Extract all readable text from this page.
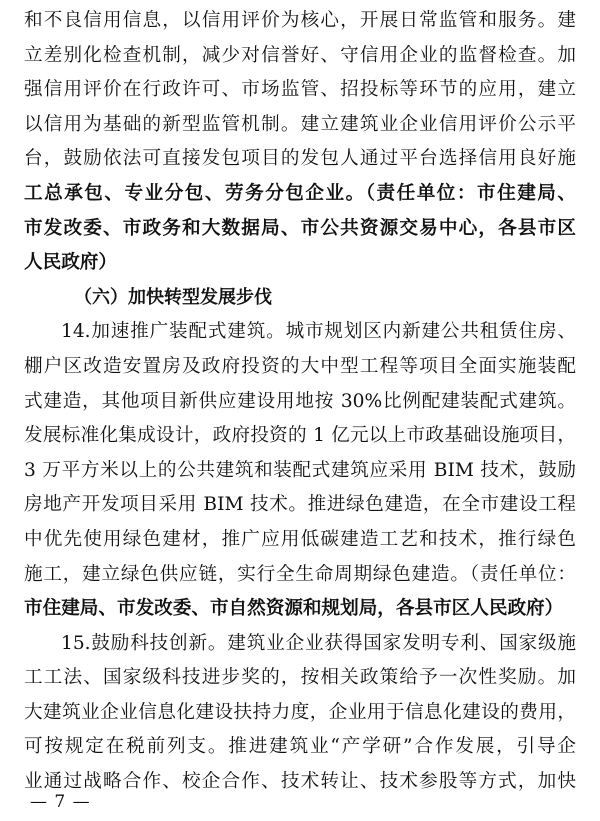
和不良信用信息，以信用评价为核心，开展日常监管和服务。建
立差别化检查机制，减少对信誉好、守信用企业的监督检查。加
强信用评价在行政许可、市场监管、招投标等环节的应用，建立
以信用为基础的新型监管机制。建立建筑业企业信用评价公示平
台，鼓励依法可直接发包项目的发包人通过平台选择信用良好施
工总承包、专业分包、劳务分包企业。（责任单位：市住建局、
市发改委、市政务和大数据局、市公共资源交易中心，各县市区
人民政府）
（六）加快转型发展步伐
14.加速推广装配式建筑。城市规划区内新建公共租赁住房、
棚户区改造安置房及政府投资的大中型工程等项目全面实施装配
式建造，其他项目新供应建设用地按 30%比例配建装配式建筑。
发展标准化集成设计，政府投资的 1 亿元以上市政基础设施项目，
3 万平方米以上的公共建筑和装配式建筑应采用 BIM 技术，鼓励
房地产开发项目采用 BIM 技术。推进绿色建造，在全市建设工程
中优先使用绿色建材，推广应用低碳建造工艺和技术，推行绿色
施工，建立绿色供应链，实行全生命周期绿色建造。（责任单位：
市住建局、市发改委、市自然资源和规划局，各县市区人民政府）
15.鼓励科技创新。建筑业企业获得国家发明专利、国家级施
工工法、国家级科技进步奖的，按相关政策给予一次性奖励。加
大建筑业企业信息化建设扶持力度，企业用于信息化建设的费用，
可按规定在税前列支。推进建筑业“产学研”合作发展，引导企
业通过战略合作、校企合作、技术转让、技术参股等方式，加快
— 7 —
